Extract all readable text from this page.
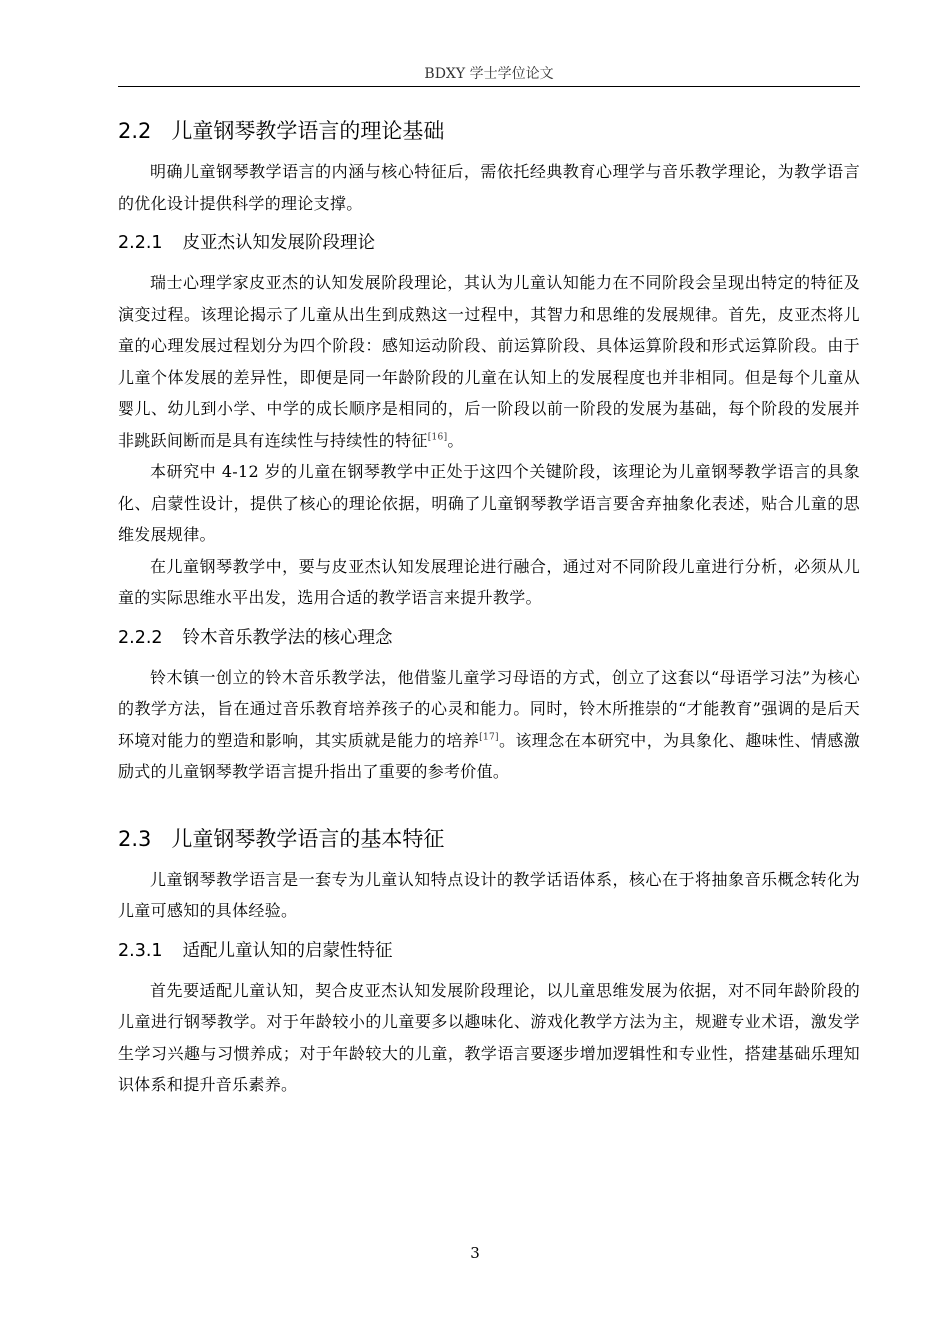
BDXY 学士学位论文
2.2 儿童钢琴教学语言的理论基础

明确儿童钢琴教学语言的内涵与核心特征后，需依托经典教育心理学与音乐教学理论，为教学语言的优化设计提供科学的理论支撑。

2.2.1 皮亚杰认知发展阶段理论

瑞士心理学家皮亚杰的认知发展阶段理论，其认为儿童认知能力在不同阶段会呈现出特定的特征及演变过程。该理论揭示了儿童从出生到成熟这一过程中，其智力和思维的发展规律。首先，皮亚杰将儿童的心理发展过程划分为四个阶段：感知运动阶段、前运算阶段、具体运算阶段和形式运算阶段。由于儿童个体发展的差异性，即便是同一年龄阶段的儿童在认知上的发展程度也并非相同。但是每个儿童从婴儿、幼儿到小学、中学的成长顺序是相同的，后一阶段以前一阶段的发展为基础，每个阶段的发展并非跳跃间断而是具有连续性与持续性的特征[16]。

本研究中 4-12 岁的儿童在钢琴教学中正处于这四个关键阶段，该理论为儿童钢琴教学语言的具象化、启蒙性设计，提供了核心的理论依据，明确了儿童钢琴教学语言要舍弃抽象化表述，贴合儿童的思维发展规律。

在儿童钢琴教学中，要与皮亚杰认知发展理论进行融合，通过对不同阶段儿童进行分析，必须从儿童的实际思维水平出发，选用合适的教学语言来提升教学。

2.2.2 铃木音乐教学法的核心理念

铃木镇一创立的铃木音乐教学法，他借鉴儿童学习母语的方式，创立了这套以“母语学习法”为核心的教学方法，旨在通过音乐教育培养孩子的心灵和能力。同时，铃木所推崇的“才能教育”强调的是后天环境对能力的塑造和影响，其实质就是能力的培养[17]。该理念在本研究中，为具象化、趣味性、情感激励式的儿童钢琴教学语言提升指出了重要的参考价值。

2.3 儿童钢琴教学语言的基本特征

儿童钢琴教学语言是一套专为儿童认知特点设计的教学话语体系，核心在于将抽象音乐概念转化为儿童可感知的具体经验。

2.3.1 适配儿童认知的启蒙性特征

首先要适配儿童认知，契合皮亚杰认知发展阶段理论，以儿童思维发展为依据，对不同年龄阶段的儿童进行钢琴教学。对于年龄较小的儿童要多以趣味化、游戏化教学方法为主，规避专业术语，激发学生学习兴趣与习惯养成；对于年龄较大的儿童，教学语言要逐步增加逻辑性和专业性，搭建基础乐理知识体系和提升音乐素养。

3
